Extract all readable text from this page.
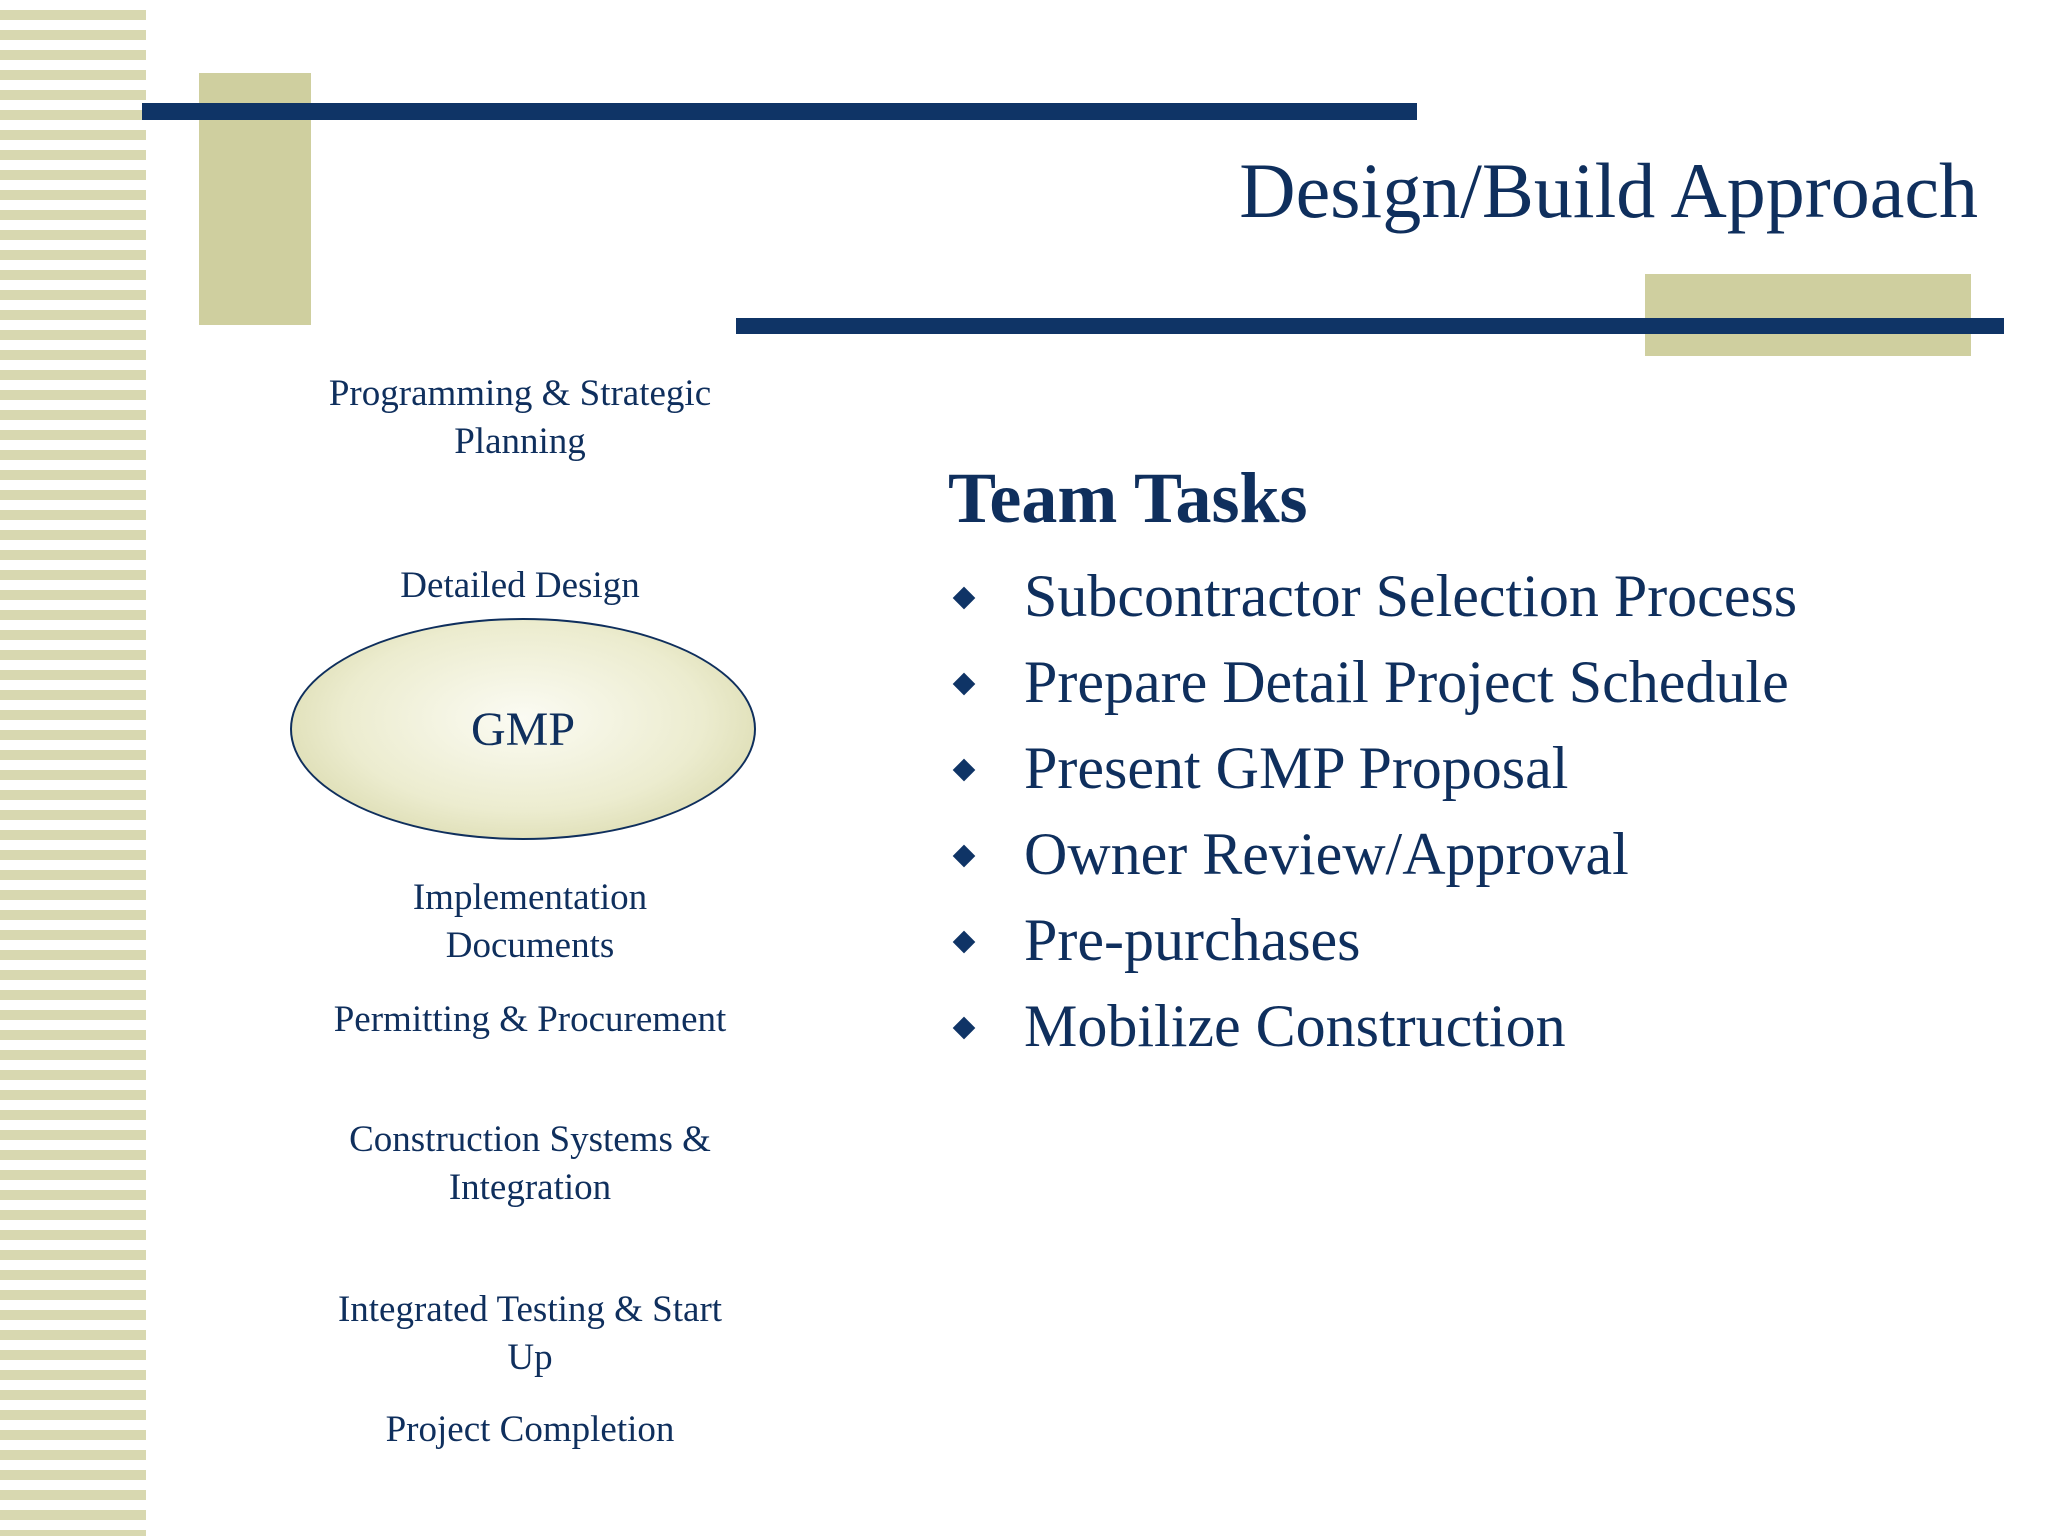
Design/Build Approach
Programming & Strategic Planning
Detailed Design
Implementation Documents
Permitting & Procurement
Construction Systems & Integration
Integrated Testing & Start Up
Project Completion
GMP
Team Tasks
Subcontractor Selection Process
Prepare Detail Project Schedule
Present GMP Proposal
Owner Review/Approval
Pre-purchases
Mobilize Construction
